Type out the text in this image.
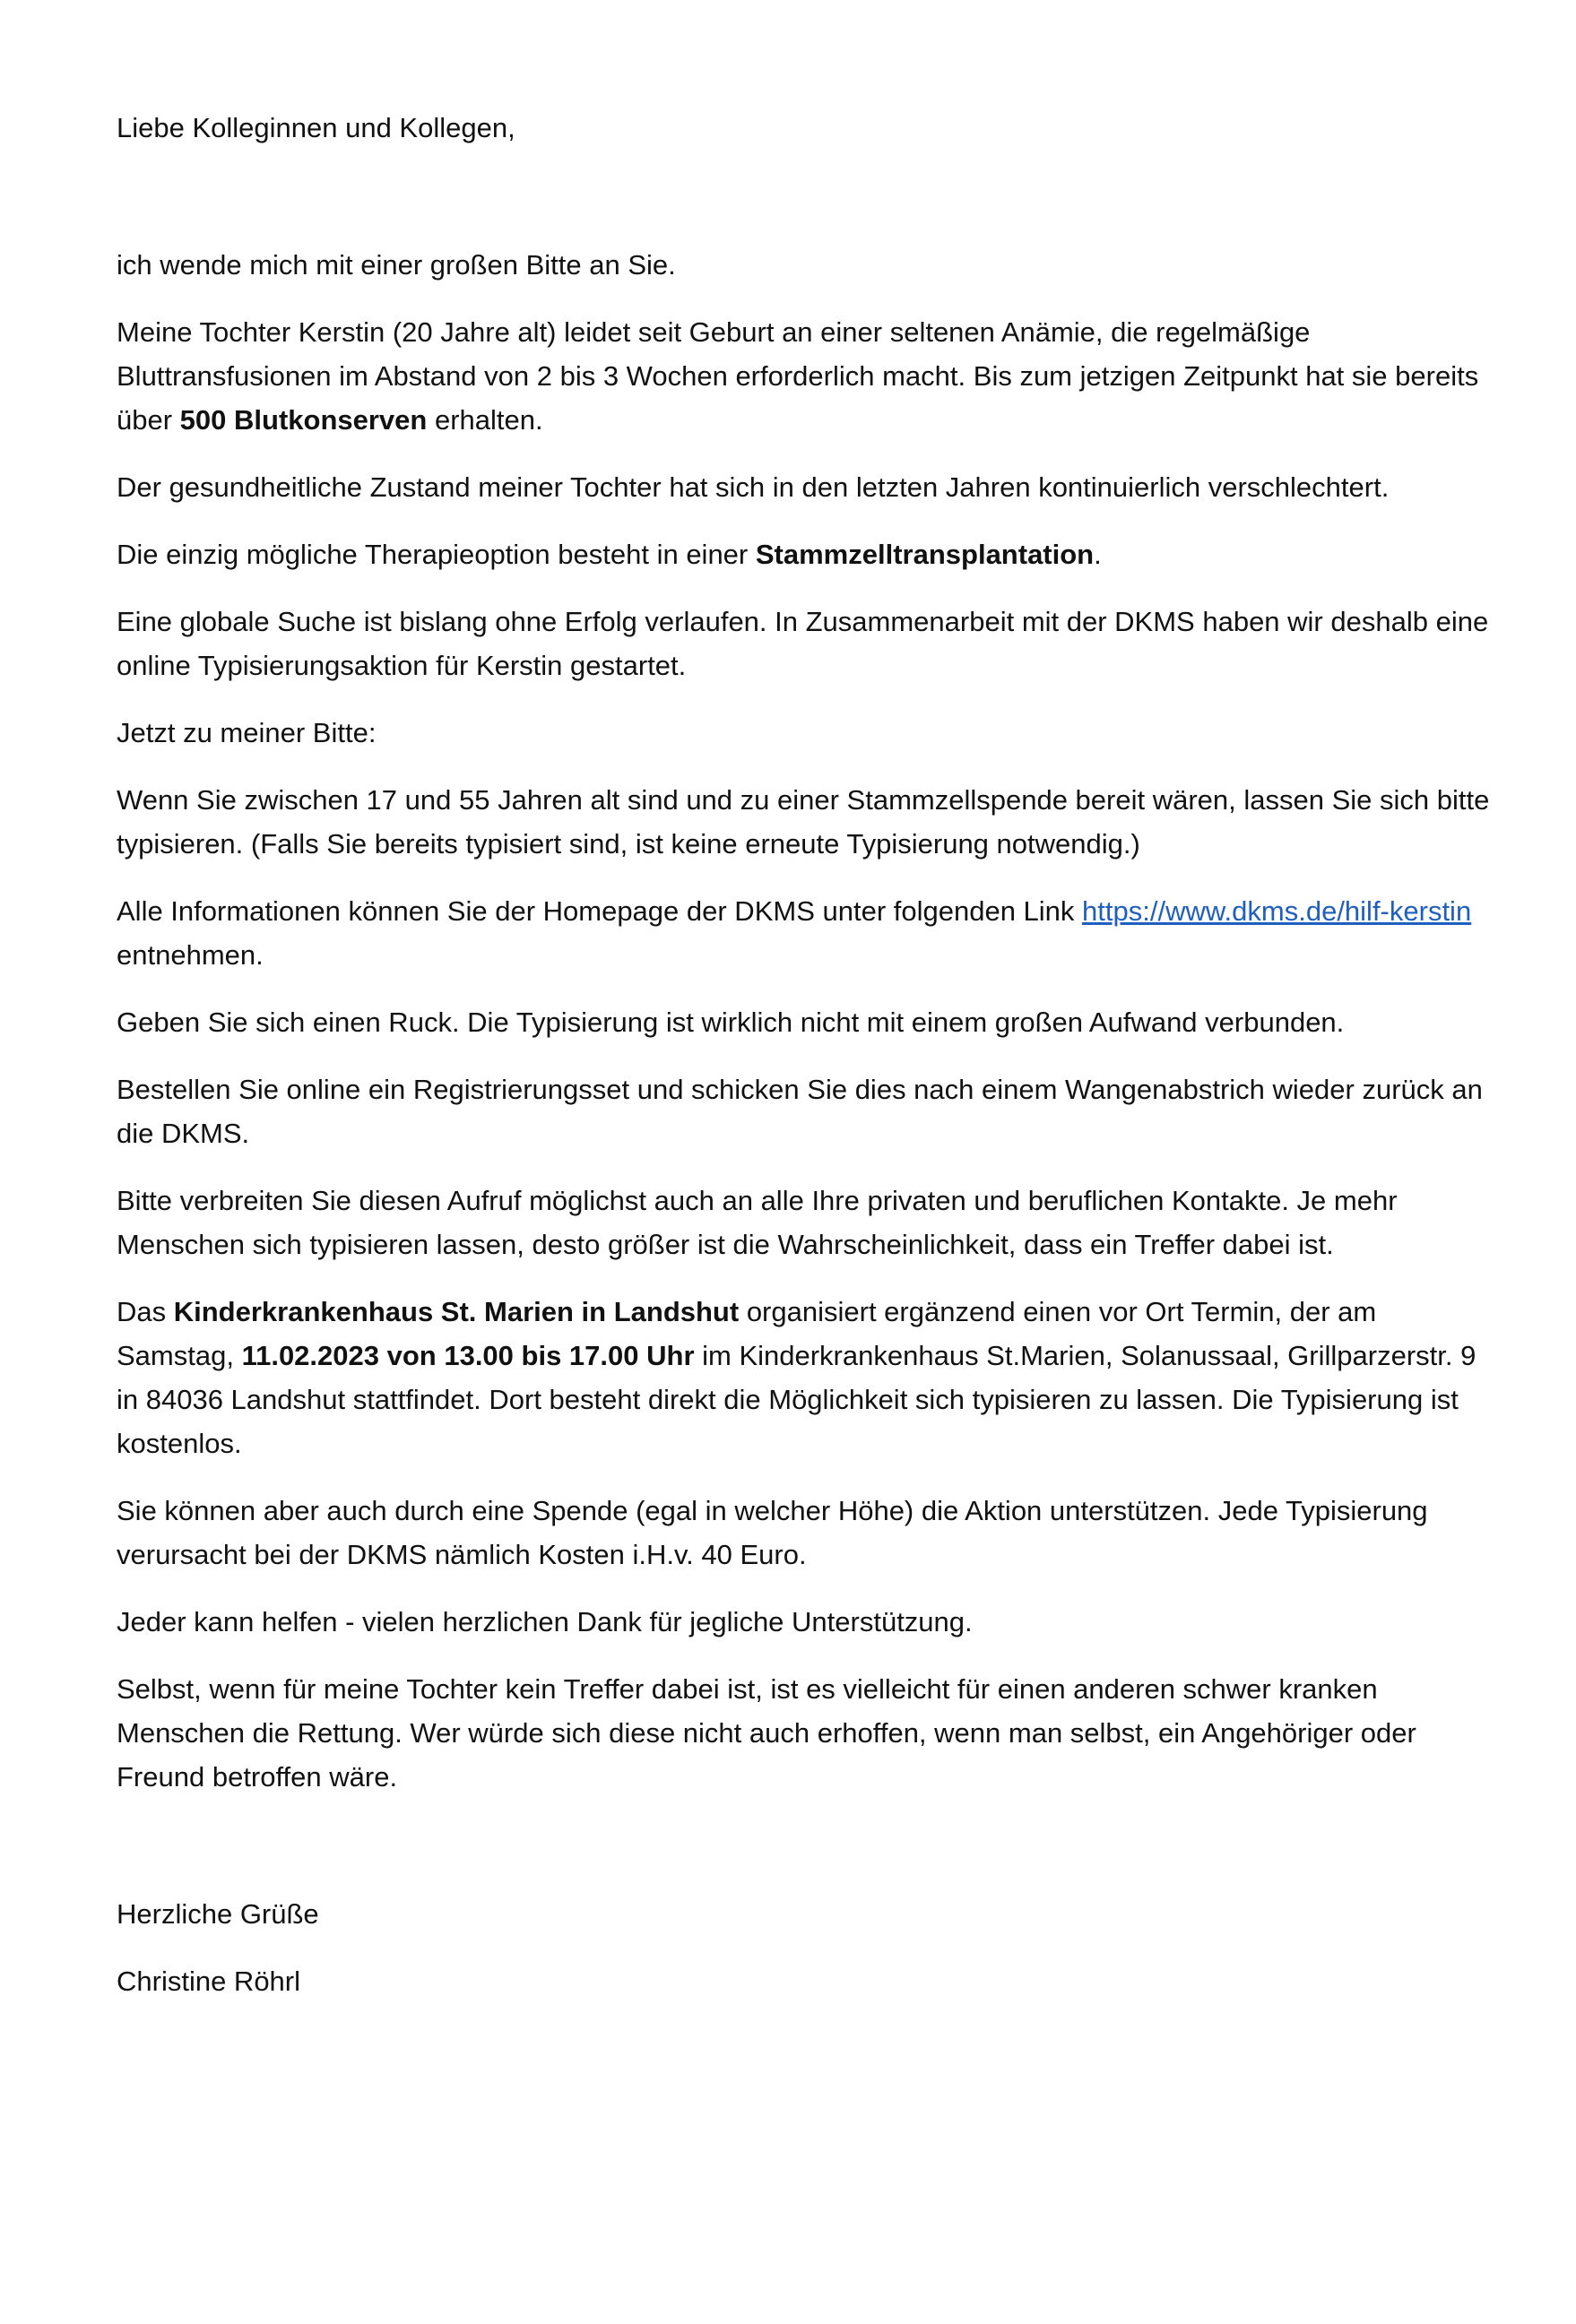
Liebe Kolleginnen und Kollegen,

ich wende mich mit einer großen Bitte an Sie.

Meine Tochter Kerstin (20 Jahre alt) leidet seit Geburt an einer seltenen Anämie, die regelmäßige Bluttransfusionen im Abstand von 2 bis 3 Wochen erforderlich macht. Bis zum jetzigen Zeitpunkt hat sie bereits über 500 Blutkonserven erhalten.

Der gesundheitliche Zustand meiner Tochter hat sich in den letzten Jahren kontinuierlich verschlechtert.

Die einzig mögliche Therapieoption besteht in einer Stammzelltransplantation.

Eine globale Suche ist bislang ohne Erfolg verlaufen. In Zusammenarbeit mit der DKMS haben wir deshalb eine online Typisierungsaktion für Kerstin gestartet.

Jetzt zu meiner Bitte:

Wenn Sie zwischen 17 und 55 Jahren alt sind und zu einer Stammzellspende bereit wären, lassen Sie sich bitte typisieren. (Falls Sie bereits typisiert sind, ist keine erneute Typisierung notwendig.)

Alle Informationen können Sie der Homepage der DKMS unter folgenden Link https://www.dkms.de/hilf-kerstin entnehmen.

Geben Sie sich einen Ruck. Die Typisierung ist wirklich nicht mit einem großen Aufwand verbunden.

Bestellen Sie online ein Registrierungsset und schicken Sie dies nach einem Wangenabstrich wieder zurück an die DKMS.

Bitte verbreiten Sie diesen Aufruf möglichst auch an alle Ihre privaten und beruflichen Kontakte. Je mehr Menschen sich typisieren lassen, desto größer ist die Wahrscheinlichkeit, dass ein Treffer dabei ist.

Das Kinderkrankenhaus St. Marien in Landshut organisiert ergänzend einen vor Ort Termin, der am Samstag, 11.02.2023 von 13.00 bis 17.00 Uhr im Kinderkrankenhaus St.Marien, Solanussaal, Grillparzerstr. 9 in 84036 Landshut stattfindet. Dort besteht direkt die Möglichkeit sich typisieren zu lassen. Die Typisierung ist kostenlos.

Sie können aber auch durch eine Spende (egal in welcher Höhe) die Aktion unterstützen. Jede Typisierung verursacht bei der DKMS nämlich Kosten i.H.v. 40 Euro.

Jeder kann helfen - vielen herzlichen Dank für jegliche Unterstützung.

Selbst, wenn für meine Tochter kein Treffer dabei ist, ist es vielleicht für einen anderen schwer kranken Menschen die Rettung. Wer würde sich diese nicht auch erhoffen, wenn man selbst, ein Angehöriger oder Freund betroffen wäre.

Herzliche Grüße

Christine Röhrl
